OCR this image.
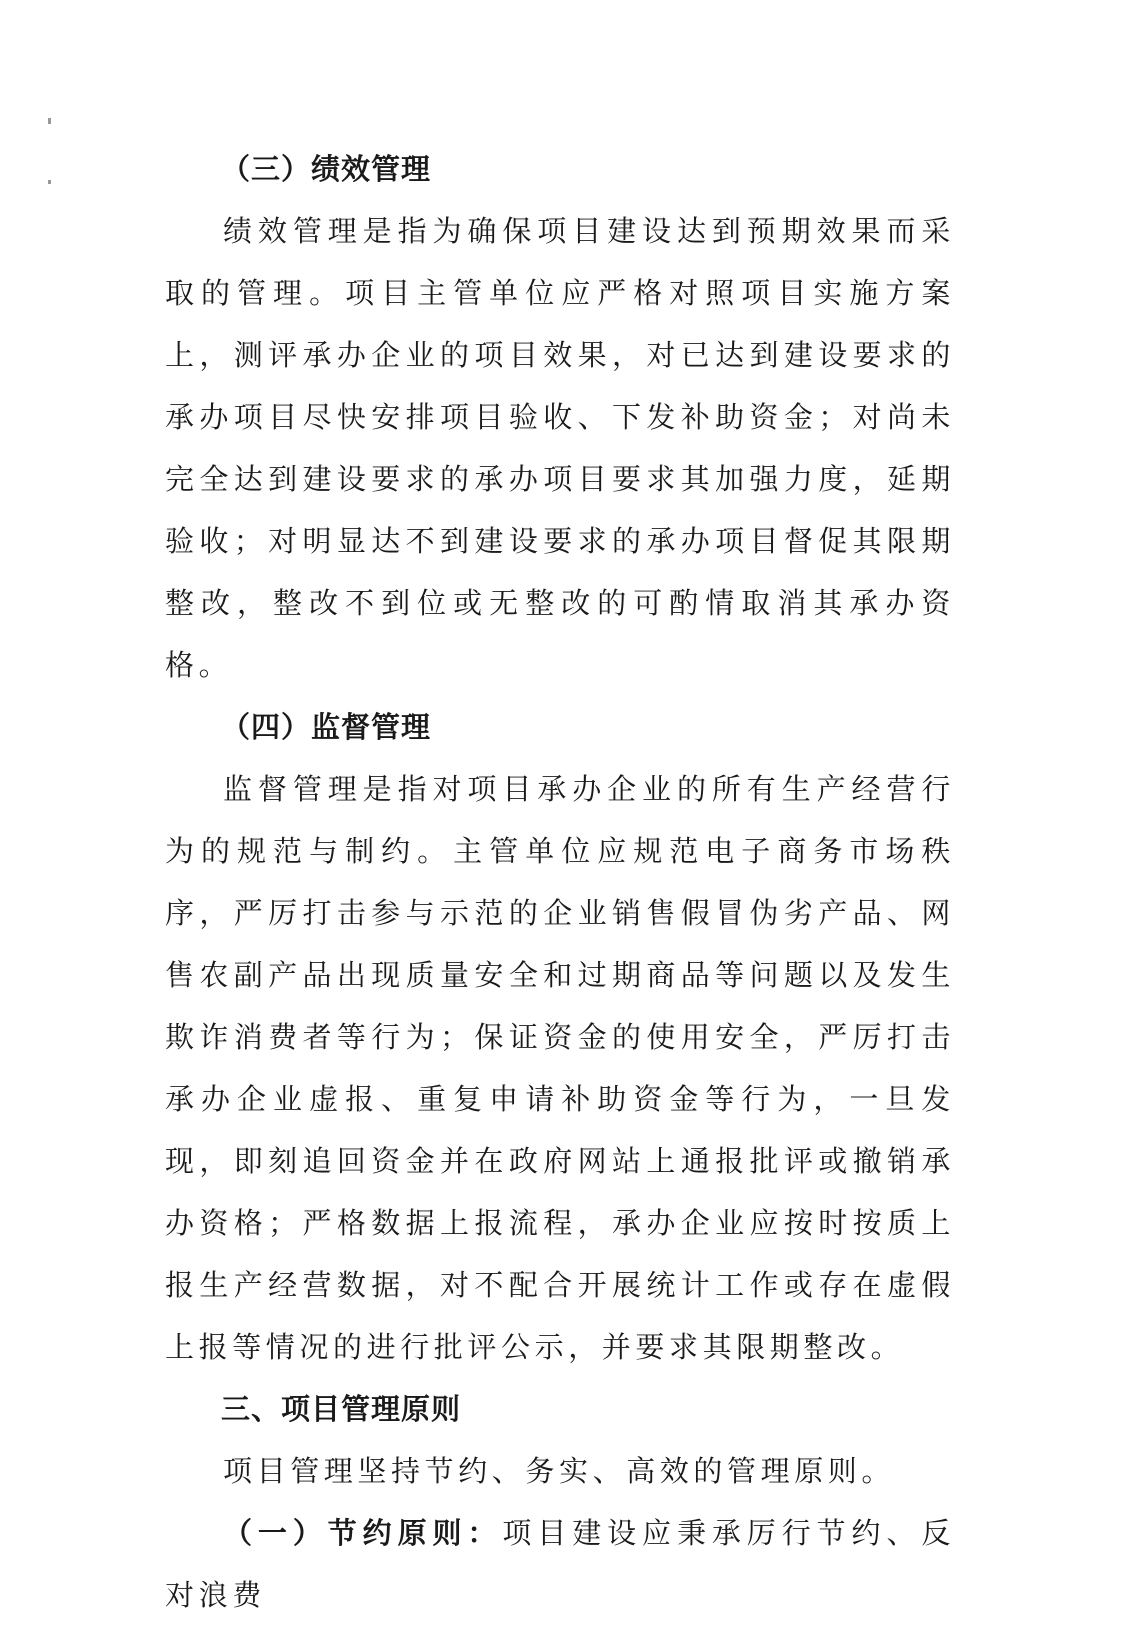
（三）绩效管理

绩效管理是指为确保项目建设达到预期效果而采取的管理。项目主管单位应严格对照项目实施方案上，测评承办企业的项目效果，对已达到建设要求的承办项目尽快安排项目验收、下发补助资金；对尚未完全达到建设要求的承办项目要求其加强力度，延期验收；对明显达不到建设要求的承办项目督促其限期整改，整改不到位或无整改的可酌情取消其承办资格。

（四）监督管理

监督管理是指对项目承办企业的所有生产经营行为的规范与制约。主管单位应规范电子商务市场秩序，严厉打击参与示范的企业销售假冒伪劣产品、网售农副产品出现质量安全和过期商品等问题以及发生欺诈消费者等行为；保证资金的使用安全，严厉打击承办企业虚报、重复申请补助资金等行为，一旦发现，即刻追回资金并在政府网站上通报批评或撤销承办资格；严格数据上报流程，承办企业应按时按质上报生产经营数据，对不配合开展统计工作或存在虚假上报等情况的进行批评公示，并要求其限期整改。

三、项目管理原则

项目管理坚持节约、务实、高效的管理原则。

（一）节约原则：项目建设应秉承厉行节约、反对浪费
